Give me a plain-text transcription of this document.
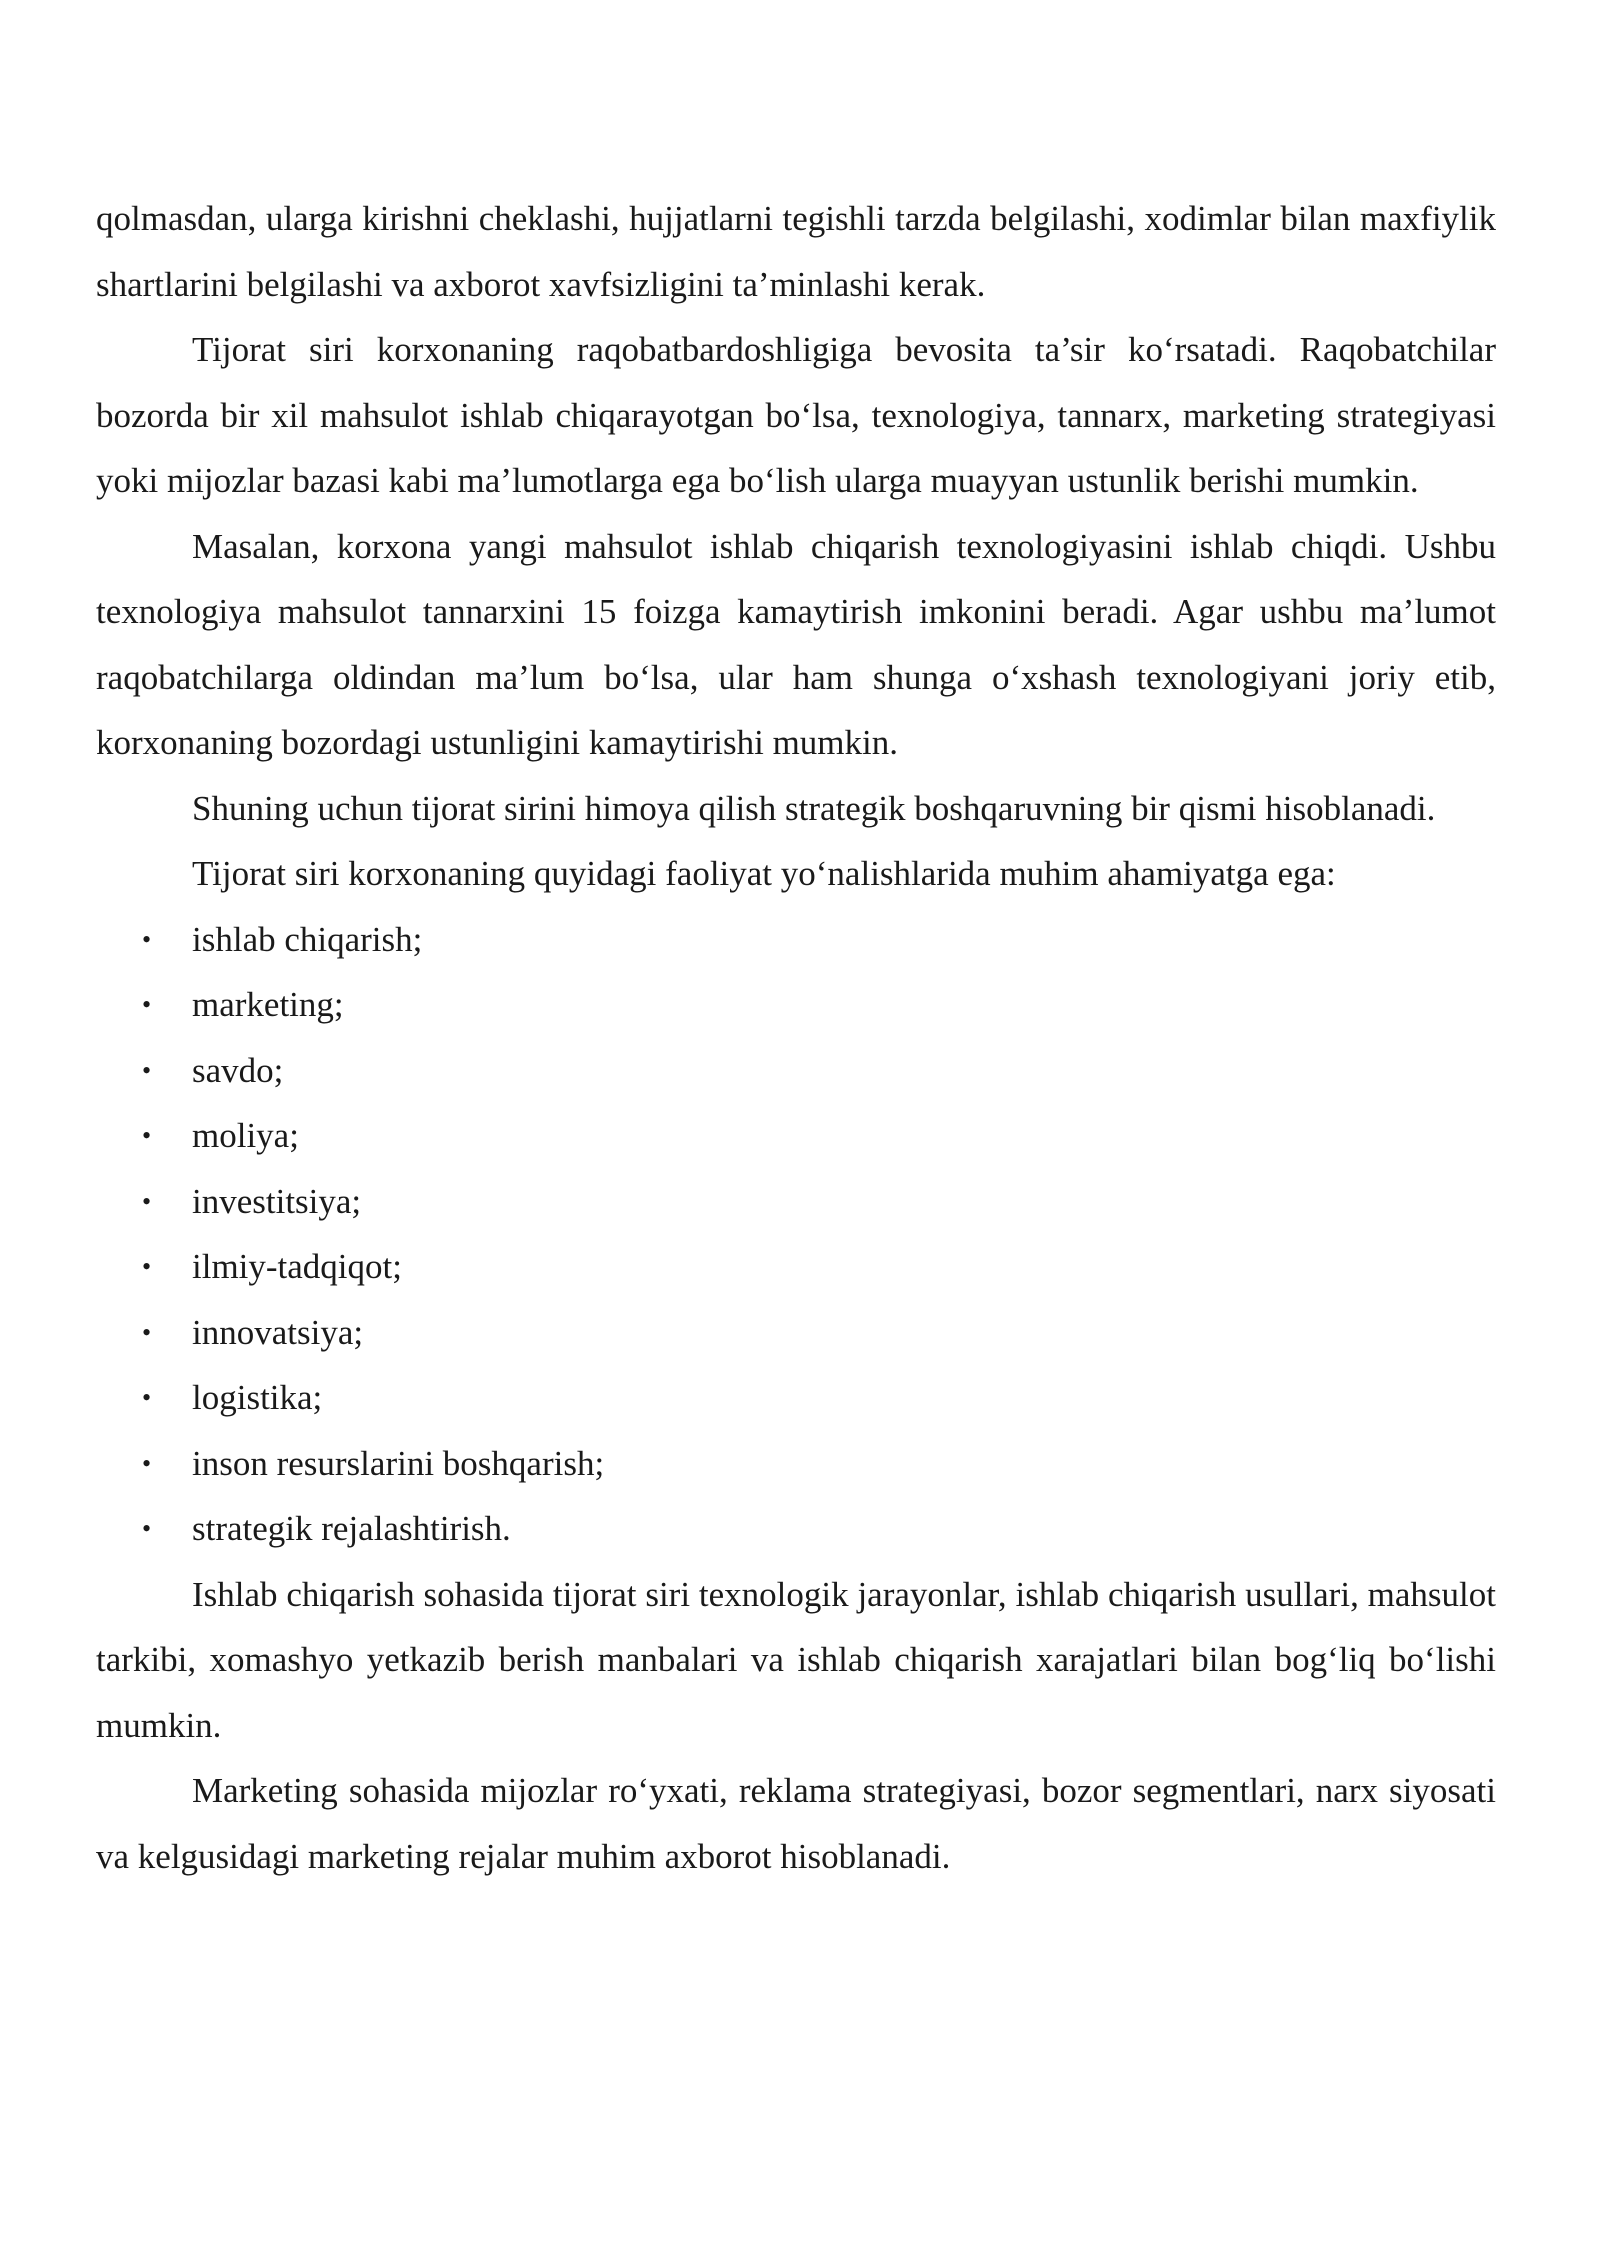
qolmasdan, ularga kirishni cheklashi, hujjatlarni tegishli tarzda belgilashi, xodimlar bilan maxfiylik shartlarini belgilashi va axborot xavfsizligini ta’minlashi kerak.

Tijorat siri korxonaning raqobatbardoshligiga bevosita ta’sir ko‘rsatadi. Raqobatchilar bozorda bir xil mahsulot ishlab chiqarayotgan bo‘lsa, texnologiya, tannarx, marketing strategiyasi yoki mijozlar bazasi kabi ma’lumotlarga ega bo‘lish ularga muayyan ustunlik berishi mumkin.

Masalan, korxona yangi mahsulot ishlab chiqarish texnologiyasini ishlab chiqdi. Ushbu texnologiya mahsulot tannarxini 15 foizga kamaytirish imkonini beradi. Agar ushbu ma’lumot raqobatchilarga oldindan ma’lum bo‘lsa, ular ham shunga o‘xshash texnologiyani joriy etib, korxonaning bozordagi ustunligini kamaytirishi mumkin.

Shuning uchun tijorat sirini himoya qilish strategik boshqaruvning bir qismi hisoblanadi.

Tijorat siri korxonaning quyidagi faoliyat yo‘nalishlarida muhim ahamiyatga ega:

• ishlab chiqarish;
• marketing;
• savdo;
• moliya;
• investitsiya;
• ilmiy-tadqiqot;
• innovatsiya;
• logistika;
• inson resurslarini boshqarish;
• strategik rejalashtirish.

Ishlab chiqarish sohasida tijorat siri texnologik jarayonlar, ishlab chiqarish usullari, mahsulot tarkibi, xomashyo yetkazib berish manbalari va ishlab chiqarish xarajatlari bilan bog‘liq bo‘lishi mumkin.

Marketing sohasida mijozlar ro‘yxati, reklama strategiyasi, bozor segmentlari, narx siyosati va kelgusidagi marketing rejalar muhim axborot hisoblanadi.
